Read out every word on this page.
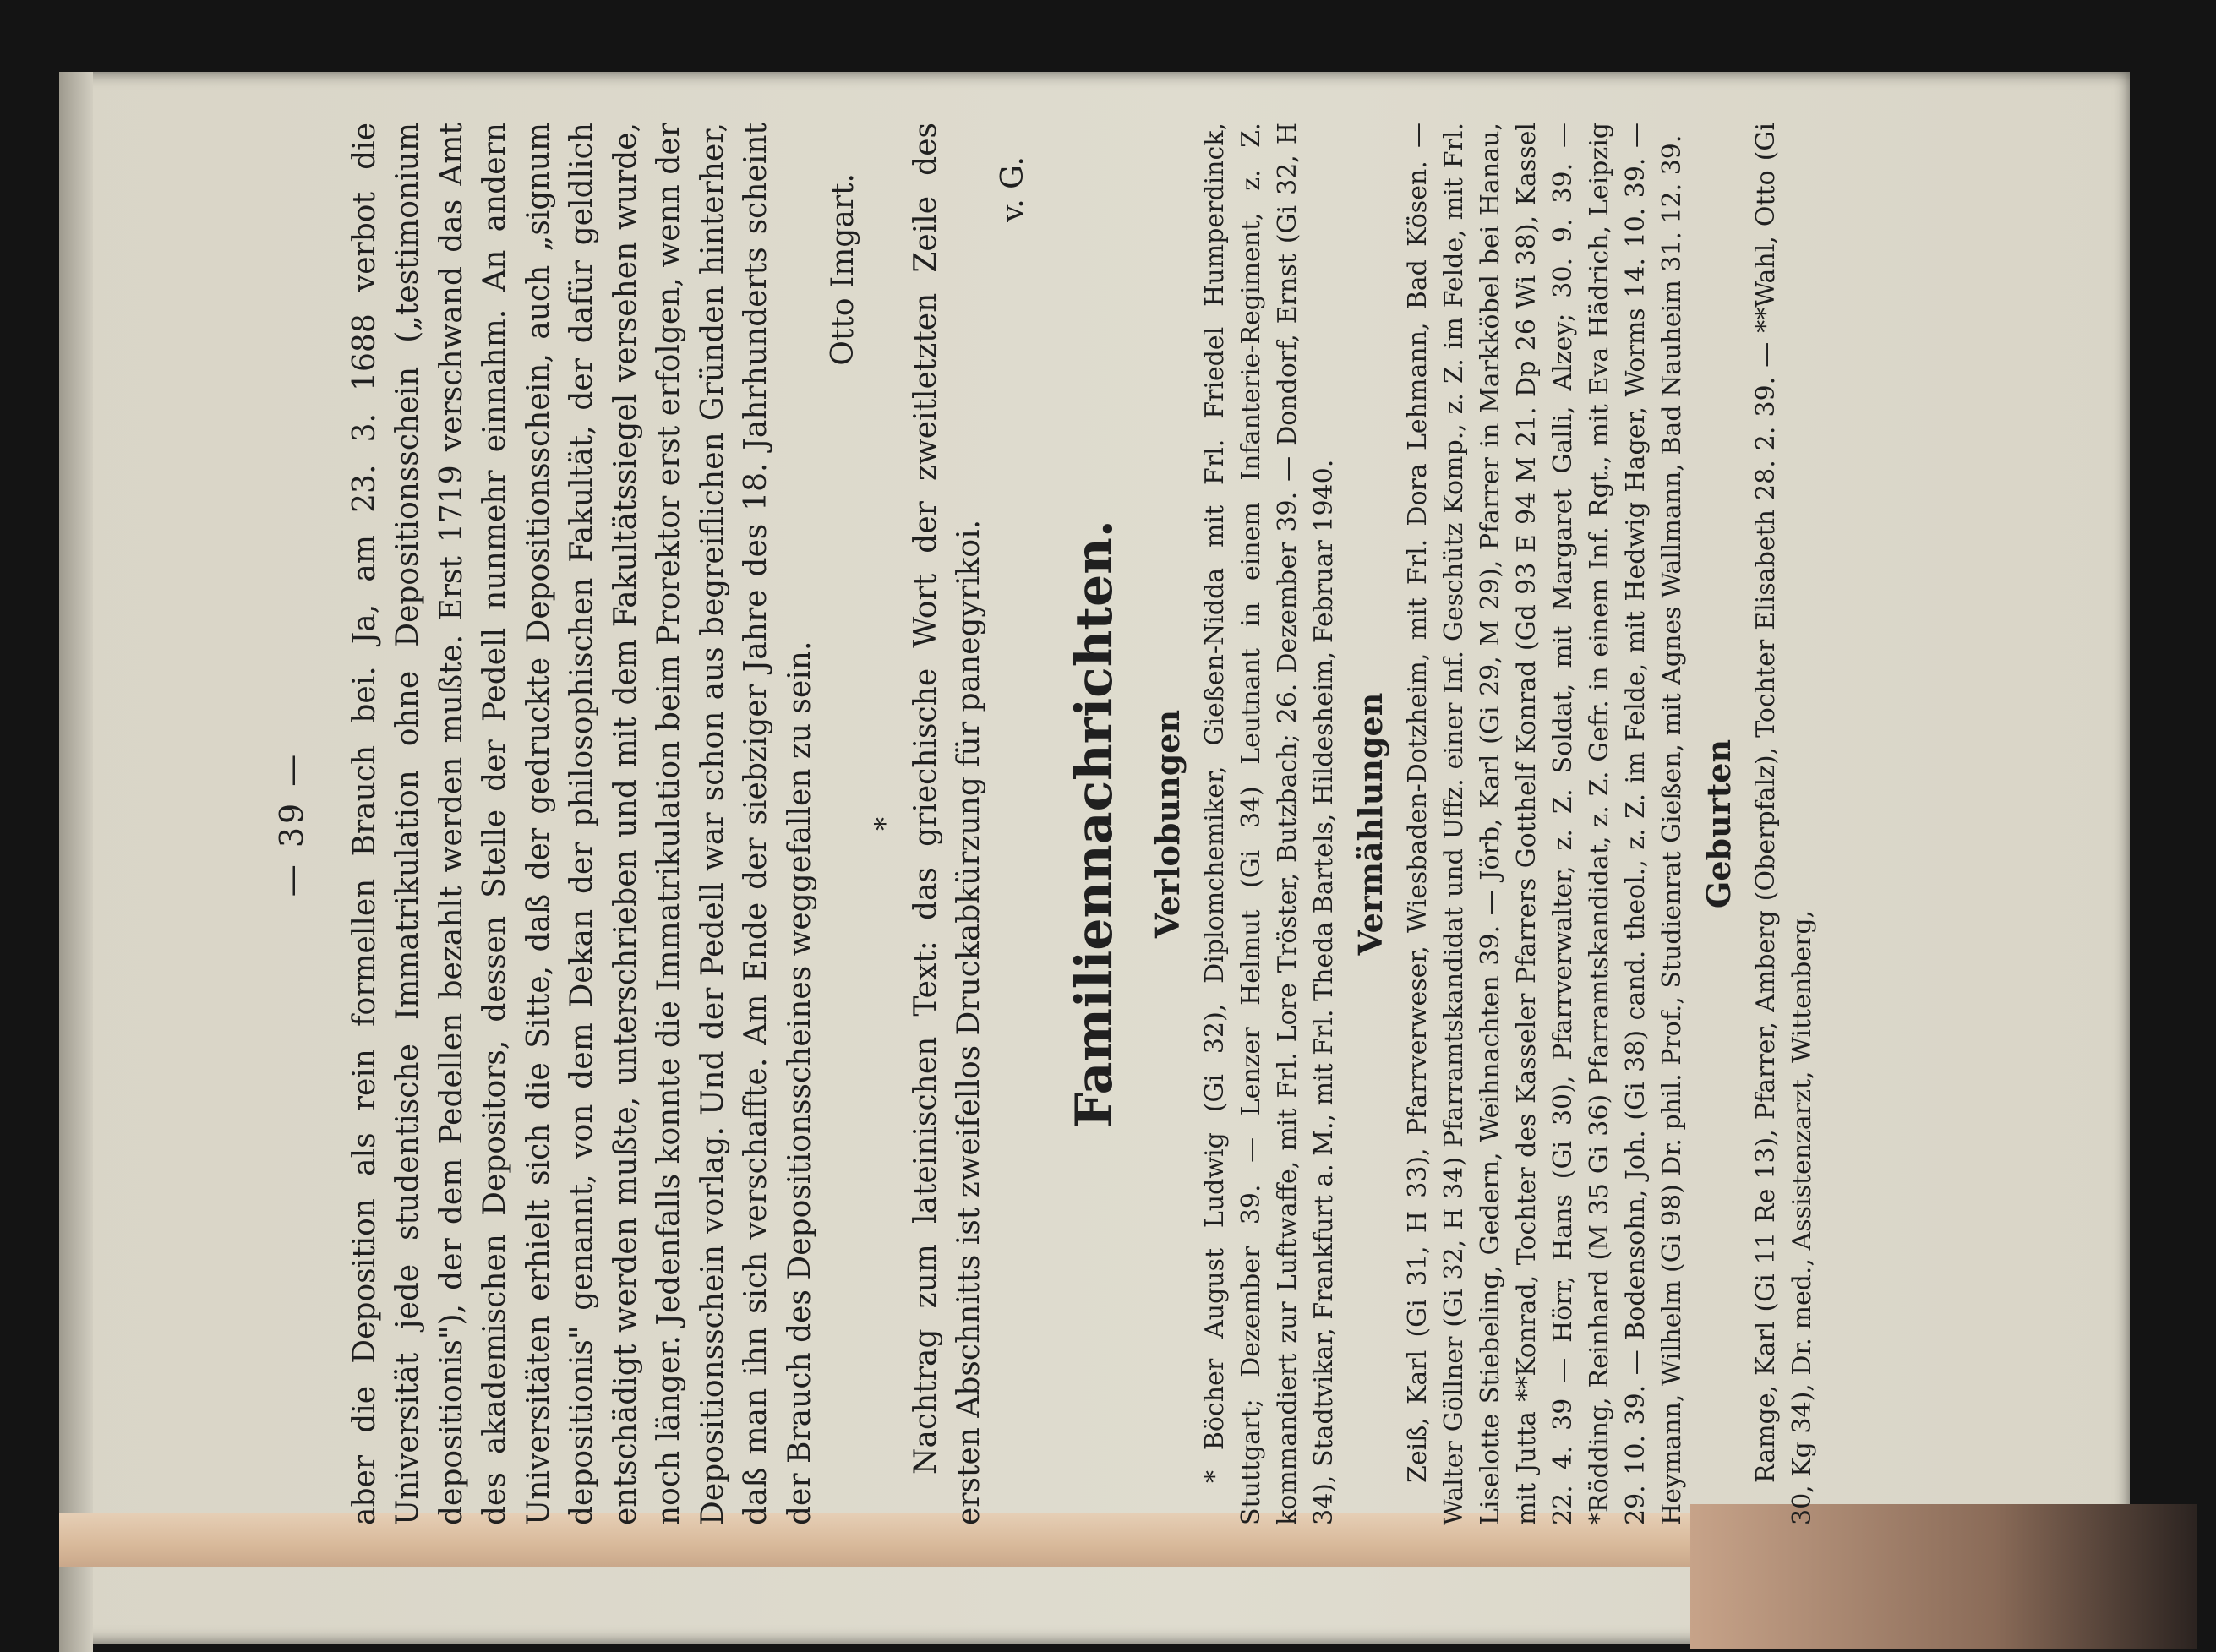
— 39 — aber die Deposition als rein formellen Brauch bei. Ja, am 23. 3. 1688 verbot die Universität jede studentische Immatrikulation ohne Depositionsschein („testimonium depositionis"), der dem Pedellen bezahlt werden mußte. Erst 1719 verschwand das Amt des akademischen Depositors, dessen Stelle der Pedell nunmehr einnahm. An andern Universitäten erhielt sich die Sitte, daß der gedruckte Depositionsschein, auch „signum depositionis" genannt, von dem Dekan der philosophischen Fakultät, der dafür geldlich entschädigt werden mußte, unterschrieben und mit dem Fakultätssiegel versehen wurde, noch länger. Jedenfalls konnte die Immatrikulation beim Prorektor erst erfolgen, wenn der Depositionsschein vorlag. Und der Pedell war schon aus begreiflichen Gründen hinterher, daß man ihn sich verschaffte. Am Ende der siebziger Jahre des 18. Jahrhunderts scheint der Brauch des Depositionsscheines weggefallen zu sein.

Otto Imgart.

* Nachtrag zum lateinischen Text: das griechische Wort der zweitletzten Zeile des ersten Abschnitts ist zweifellos Druckabkürzung für panegyrikoi.

v. G.

Familiennachrichten. Verlobungen * Böcher August Ludwig (Gi 32), Diplomchemiker, Gießen-Nidda mit Frl. Friedel Humperdinck, Stuttgart; Dezember 39. — Lenzer Helmut (Gi 34) Leutnant in einem Infanterie-Regiment, z. Z. kommandiert zur Luftwaffe, mit Frl. Lore Tröster, Butzbach; 26. Dezember 39. — Dondorf, Ernst (Gi 32, H 34), Stadtvikar, Frankfurt a. M., mit Frl. Theda Bartels, Hildesheim, Februar 1940. Vermählungen Zeiß, Karl (Gi 31, H 33), Pfarrverweser, Wiesbaden-Dotzheim, mit Frl. Dora Lehmann, Bad Kösen. — Walter Göllner (Gi 32, H 34) Pfarramtskandidat und Uffz. einer Inf. Geschütz Komp., z. Z. im Felde, mit Frl. Liselotte Stiebeling, Gedern, Weihnachten 39. — Jörb, Karl (Gi 29, M 29), Pfarrer in Markköbel bei Hanau, mit Jutta **Konrad, Tochter des Kasseler Pfarrers Gotthelf Konrad (Gd 93 E 94 M 21. Dp 26 Wi 38), Kassel 22. 4. 39 — Hörr, Hans (Gi 30), Pfarrverwalter, z. Z. Soldat, mit Margaret Galli, Alzey; 30. 9. 39. — *Rödding, Reinhard (M 35 Gi 36) Pfarramtskandidat, z. Z. Gefr. in einem Inf. Rgt., mit Eva Hädrich, Leipzig 29. 10. 39. — Bodensohn, Joh. (Gi 38) cand. theol., z. Z. im Felde, mit Hedwig Hager, Worms 14. 10. 39. — Heymann, Wilhelm (Gi 98) Dr. phil. Prof., Studienrat Gießen, mit Agnes Wallmann, Bad Nauheim 31. 12. 39. Geburten Ramge, Karl (Gi 11 Re 13), Pfarrer, Amberg (Oberpfalz), Tochter Elisabeth 28. 2. 39. — **Wahl, Otto (Gi 30, Kg 34), Dr. med., Assistenzarzt, Wittenberg,
